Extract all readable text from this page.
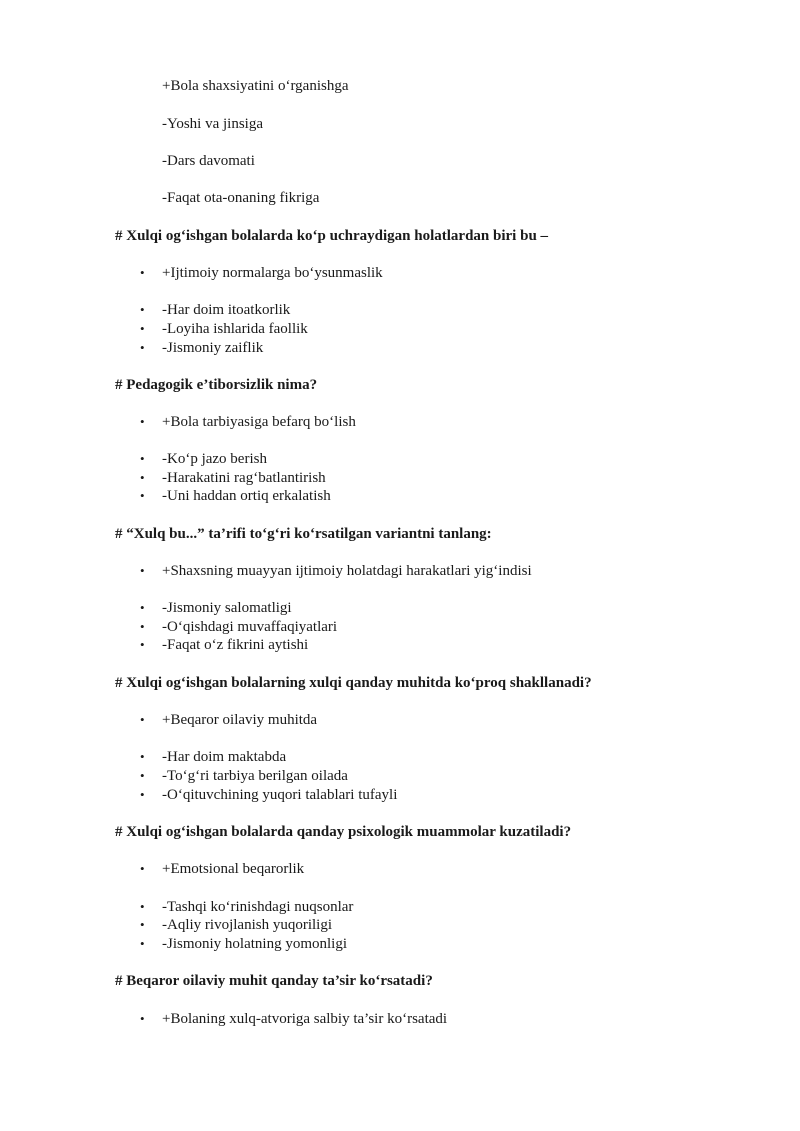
+Bola shaxsiyatini o‘rganishga
-Yoshi va jinsiga
-Dars davomati
-Faqat ota-onaning fikriga
# Xulqi og‘ishgan bolalarda ko‘p uchraydigan holatlardan biri bu –
• +Ijtimoiy normalarga bo‘ysunmaslik
• -Har doim itoatkorlik
• -Loyiha ishlarida faollik
• -Jismoniy zaiflik
# Pedagogik e’tiborsizlik nima?
• +Bola tarbiyasiga befarq bo‘lish
• -Ko‘p jazo berish
• -Harakatini rag‘batlantirish
• -Uni haddan ortiq erkalatish
# “Xulq bu...” ta’rifi to‘g‘ri ko‘rsatilgan variantni tanlang:
• +Shaxsning muayyan ijtimoiy holatdagi harakatlari yig‘indisi
• -Jismoniy salomatligi
• -O‘qishdagi muvaffaqiyatlari
• -Faqat o‘z fikrini aytishi
# Xulqi og‘ishgan bolalarning xulqi qanday muhitda ko‘proq shakllanadi?
• +Beqaror oilaviy muhitda
• -Har doim maktabda
• -To‘g‘ri tarbiya berilgan oilada
• -O‘qituvchining yuqori talablari tufayli
# Xulqi og‘ishgan bolalarda qanday psixologik muammolar kuzatiladi?
• +Emotsional beqarorlik
• -Tashqi ko‘rinishdagi nuqsonlar
• -Aqliy rivojlanish yuqoriligi
• -Jismoniy holatning yomonligi
# Beqaror oilaviy muhit qanday ta’sir ko‘rsatadi?
• +Bolaning xulq-atvoriga salbiy ta’sir ko‘rsatadi
